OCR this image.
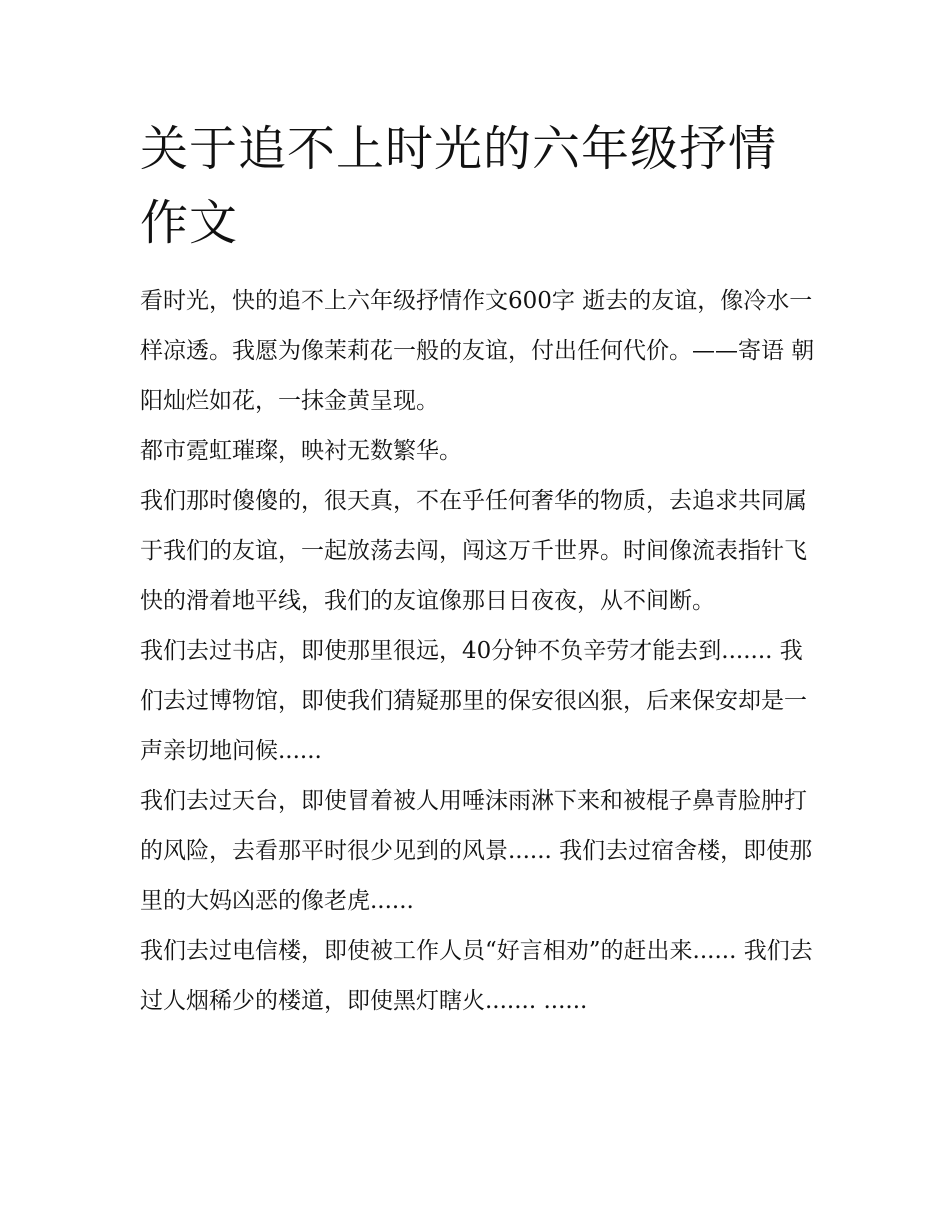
关于追不上时光的六年级抒情作文

看时光，快的追不上六年级抒情作文600字 逝去的友谊，像冷水一样凉透。我愿为像茉莉花一般的友谊，付出任何代价。——寄语 朝阳灿烂如花，一抹金黄呈现。

都市霓虹璀璨，映衬无数繁华。

我们那时傻傻的，很天真，不在乎任何奢华的物质，去追求共同属于我们的友谊，一起放荡去闯，闯这万千世界。时间像流表指针飞快的滑着地平线，我们的友谊像那日日夜夜，从不间断。

我们去过书店，即使那里很远，40分钟不负辛劳才能去到....... 我们去过博物馆，即使我们猜疑那里的保安很凶狠，后来保安却是一声亲切地问候......

我们去过天台，即使冒着被人用唾沫雨淋下来和被棍子鼻青脸肿打的风险，去看那平时很少见到的风景...... 我们去过宿舍楼，即使那里的大妈凶恶的像老虎......

我们去过电信楼，即使被工作人员“好言相劝”的赶出来...... 我们去过人烟稀少的楼道，即使黑灯瞎火....... ......
